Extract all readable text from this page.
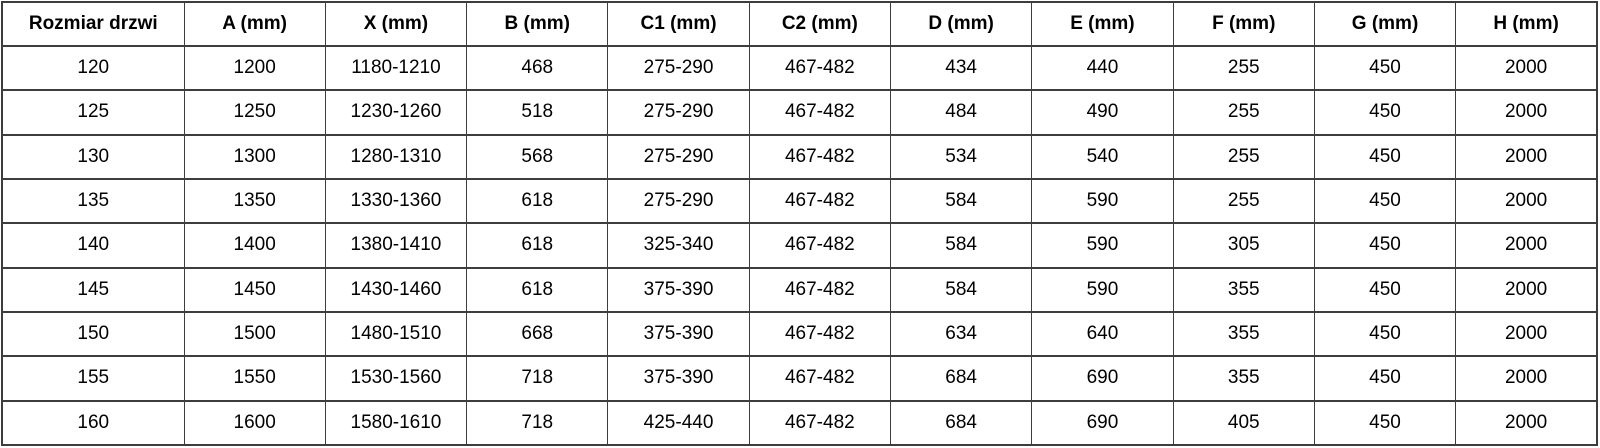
Rozmiar drzwi	A (mm)	X (mm)	B (mm)	C1 (mm)	C2 (mm)	D (mm)	E (mm)	F (mm)	G (mm)	H (mm)
120	1200	1180-1210	468	275-290	467-482	434	440	255	450	2000
125	1250	1230-1260	518	275-290	467-482	484	490	255	450	2000
130	1300	1280-1310	568	275-290	467-482	534	540	255	450	2000
135	1350	1330-1360	618	275-290	467-482	584	590	255	450	2000
140	1400	1380-1410	618	325-340	467-482	584	590	305	450	2000
145	1450	1430-1460	618	375-390	467-482	584	590	355	450	2000
150	1500	1480-1510	668	375-390	467-482	634	640	355	450	2000
155	1550	1530-1560	718	375-390	467-482	684	690	355	450	2000
160	1600	1580-1610	718	425-440	467-482	684	690	405	450	2000
